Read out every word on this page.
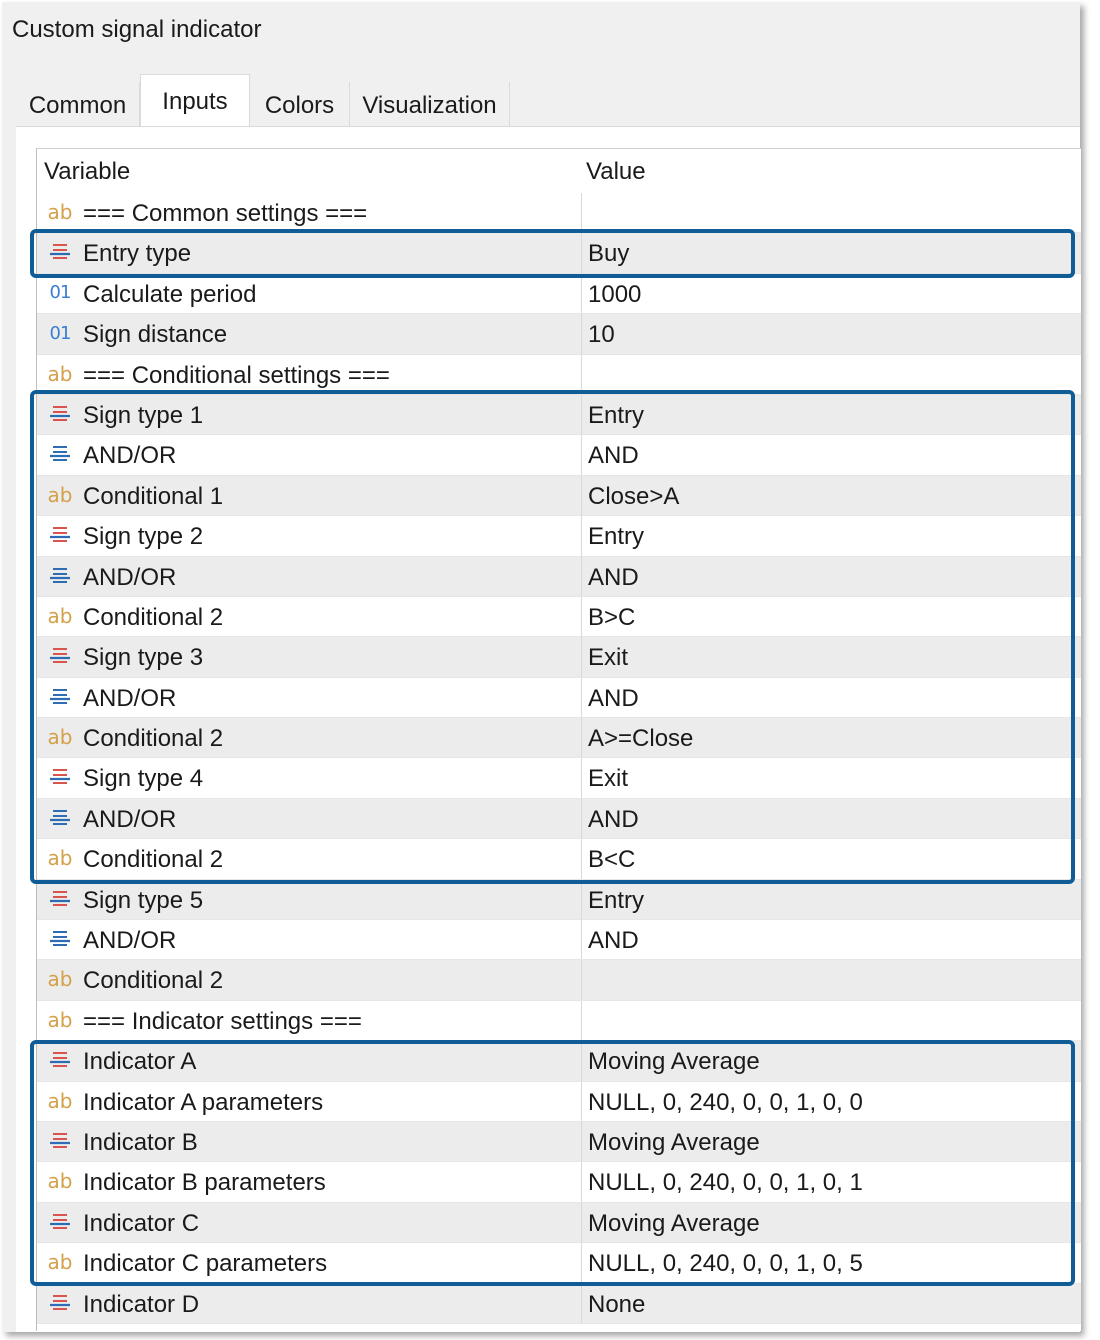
Custom signal indicator
Common	Inputs	Colors	Visualization
Variable	Value
ab === Common settings ===
Entry type	Buy
01 Calculate period	1000
01 Sign distance	10
ab === Conditional settings ===
Sign type 1	Entry
AND/OR	AND
ab Conditional 1	Close>A
Sign type 2	Entry
AND/OR	AND
ab Conditional 2	B>C
Sign type 3	Exit
AND/OR	AND
ab Conditional 2	A>=Close
Sign type 4	Exit
AND/OR	AND
ab Conditional 2	B<C
Sign type 5	Entry
AND/OR	AND
ab Conditional 2
ab === Indicator settings ===
Indicator A	Moving Average
ab Indicator A parameters	NULL, 0, 240, 0, 0, 1, 0, 0
Indicator B	Moving Average
ab Indicator B parameters	NULL, 0, 240, 0, 0, 1, 0, 1
Indicator C	Moving Average
ab Indicator C parameters	NULL, 0, 240, 0, 0, 1, 0, 5
Indicator D	None
